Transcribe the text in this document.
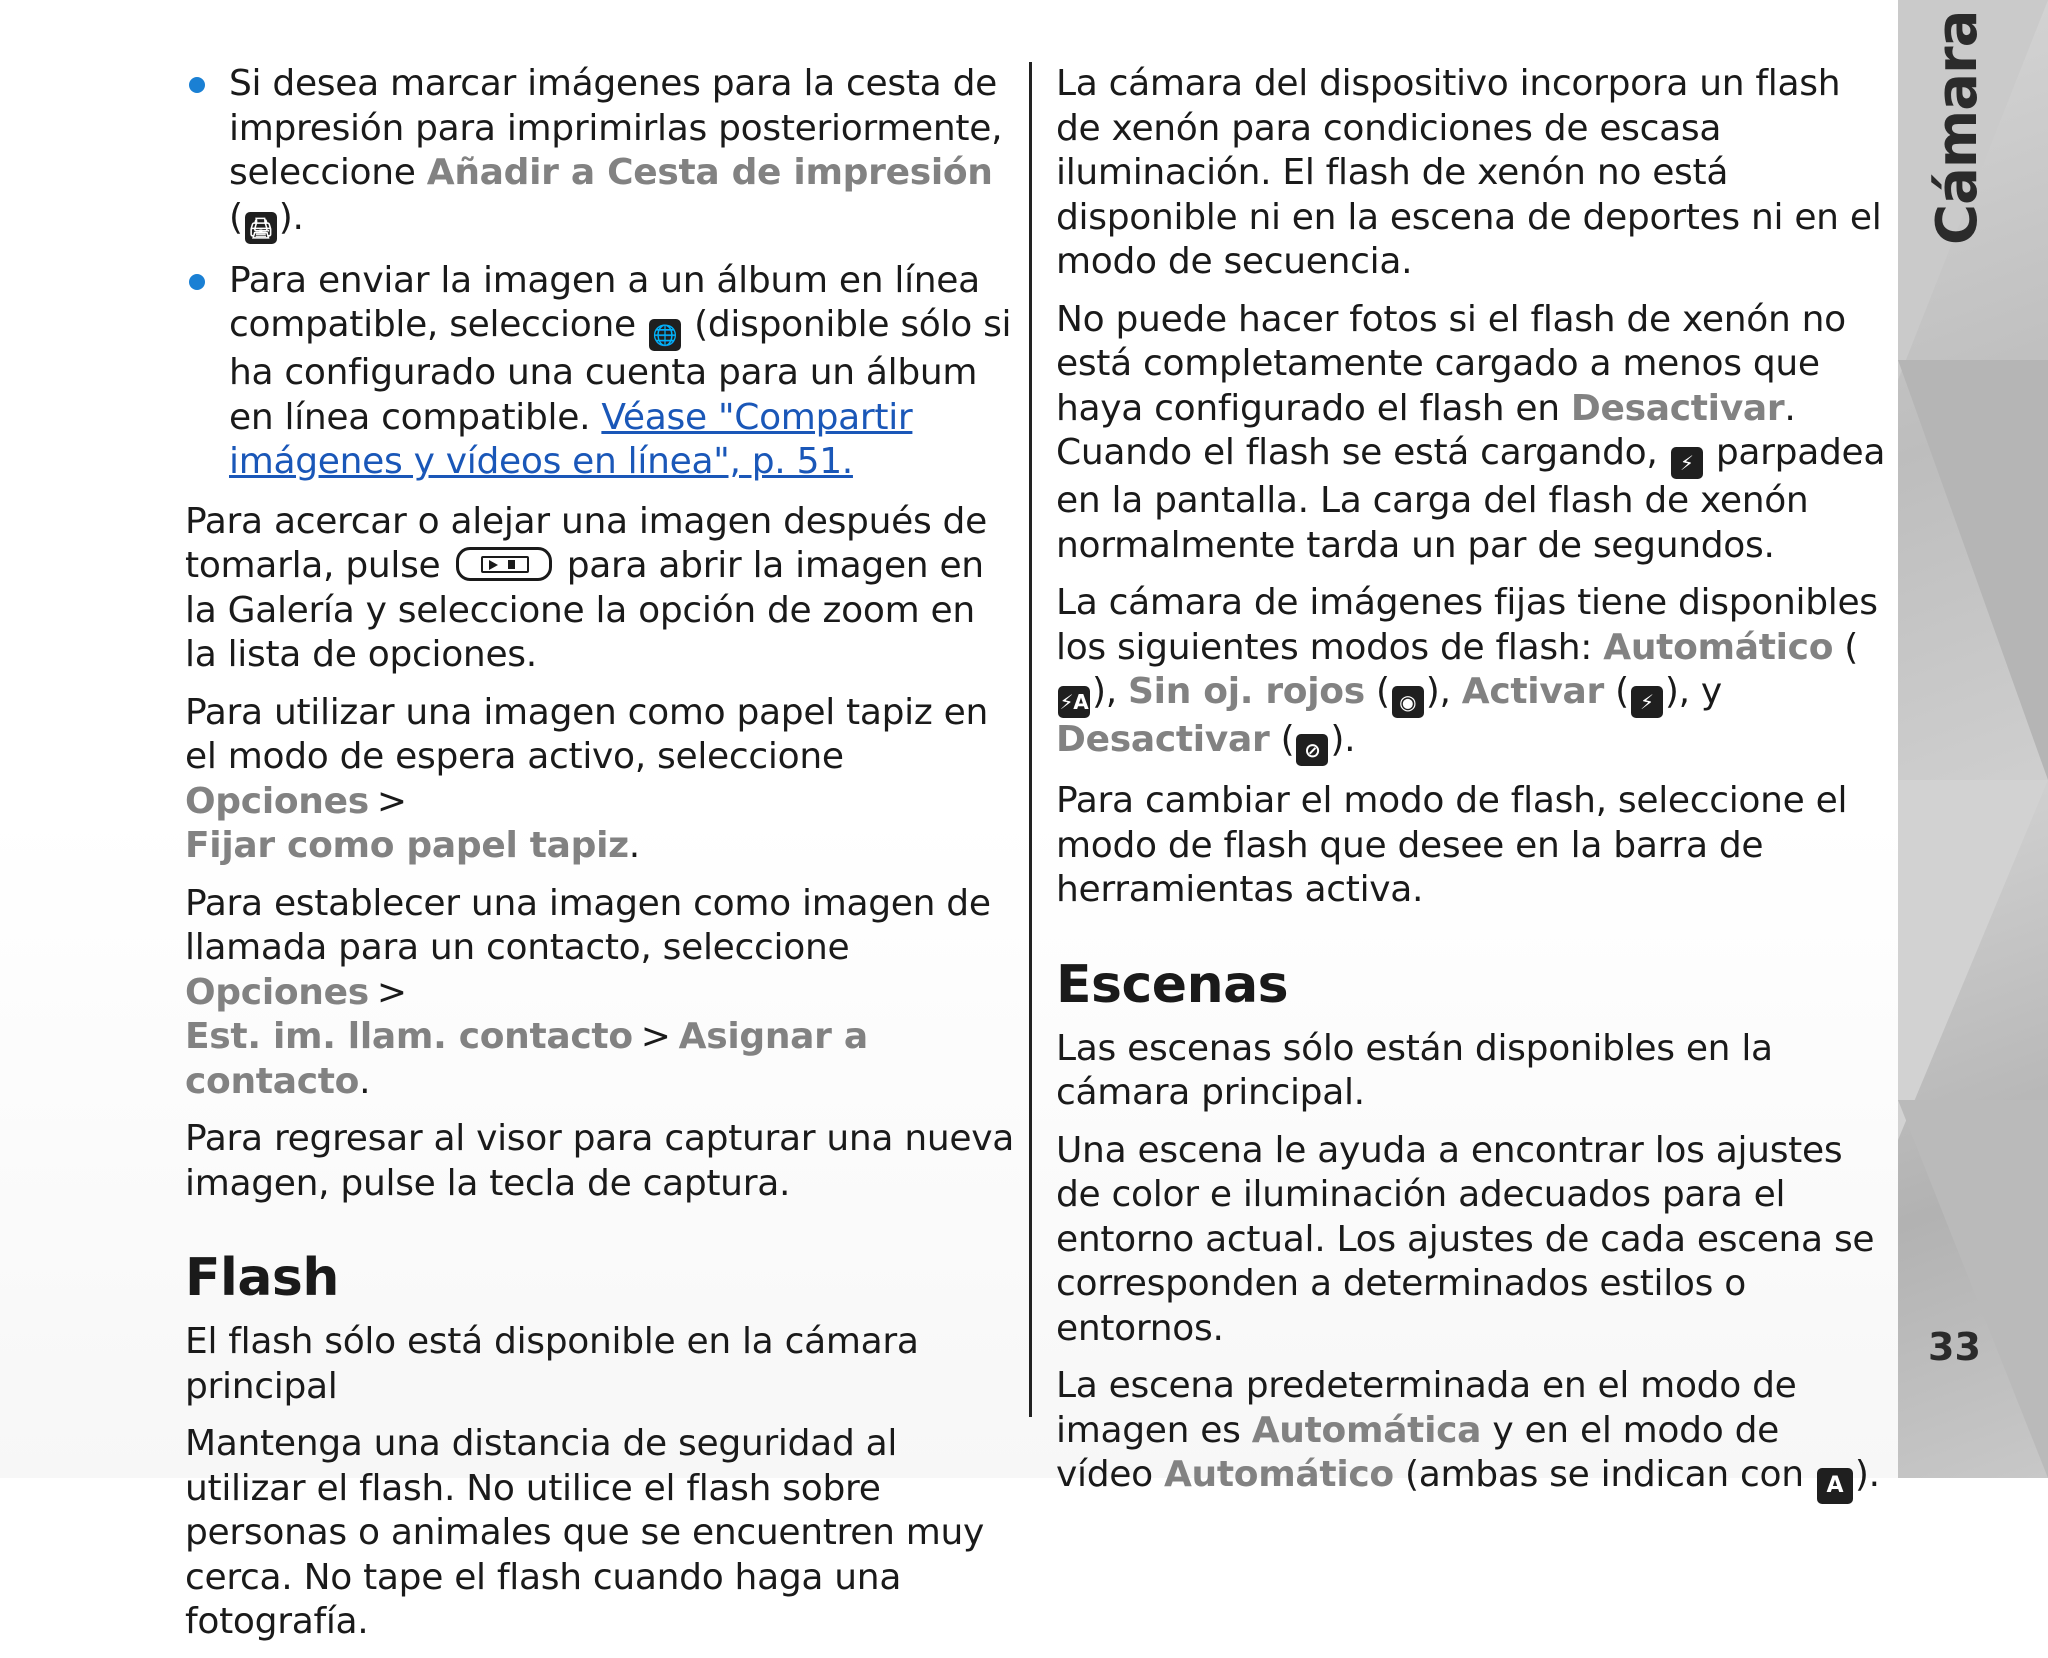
Si desea marcar imágenes para la cesta de impresión para imprimirlas posteriormente, seleccione Añadir a Cesta de impresión ( 🖨 ).
Para enviar la imagen a un álbum en línea compatible, seleccione 🌐 (disponible sólo si ha configurado una cuenta para un álbum en línea compatible. Véase "Compartir imágenes y vídeos en línea", p. 51.

Para acercar o alejar una imagen después de tomarla, pulse	para abrir la imagen en la Galería y seleccione la opción de zoom en la lista de opciones.

Para utilizar una imagen como papel tapiz en el modo de espera activo, seleccione Opciones >
Fijar como papel tapiz.

Para establecer una imagen como imagen de llamada para un contacto, seleccione Opciones >
Est. im. llam. contacto > Asignar a contacto.

Para regresar al visor para capturar una nueva imagen, pulse la tecla de captura.

Flash

El flash sólo está disponible en la cámara principal

Mantenga una distancia de seguridad al utilizar el flash. No utilice el flash sobre personas o animales que se encuentren muy cerca. No tape el flash cuando haga una fotografía.

La cámara del dispositivo incorpora un flash de xenón para condiciones de escasa iluminación. El flash de xenón no está disponible ni en la escena de deportes ni en el modo de secuencia.

No puede hacer fotos si el flash de xenón no está completamente cargado a menos que haya configurado el flash en Desactivar. Cuando el flash se está cargando, ⚡ parpadea en la pantalla. La carga del flash de xenón normalmente tarda un par de segundos.

La cámara de imágenes fijas tiene disponibles los siguientes modos de flash: Automático (⚡A), Sin oj. rojos ( ◉ ), Activar ( ⚡ ), y Desactivar ( ⊘ ).

Para cambiar el modo de flash, seleccione el modo de flash que desee en la barra de herramientas activa.

Escenas

Las escenas sólo están disponibles en la cámara principal.

Una escena le ayuda a encontrar los ajustes de color e iluminación adecuados para el entorno actual. Los ajustes de cada escena se corresponden a determinados estilos o entornos.

La escena predeterminada en el modo de imagen es Automática y en el modo de vídeo Automático (ambas se indican con A ).

Cámara
33
